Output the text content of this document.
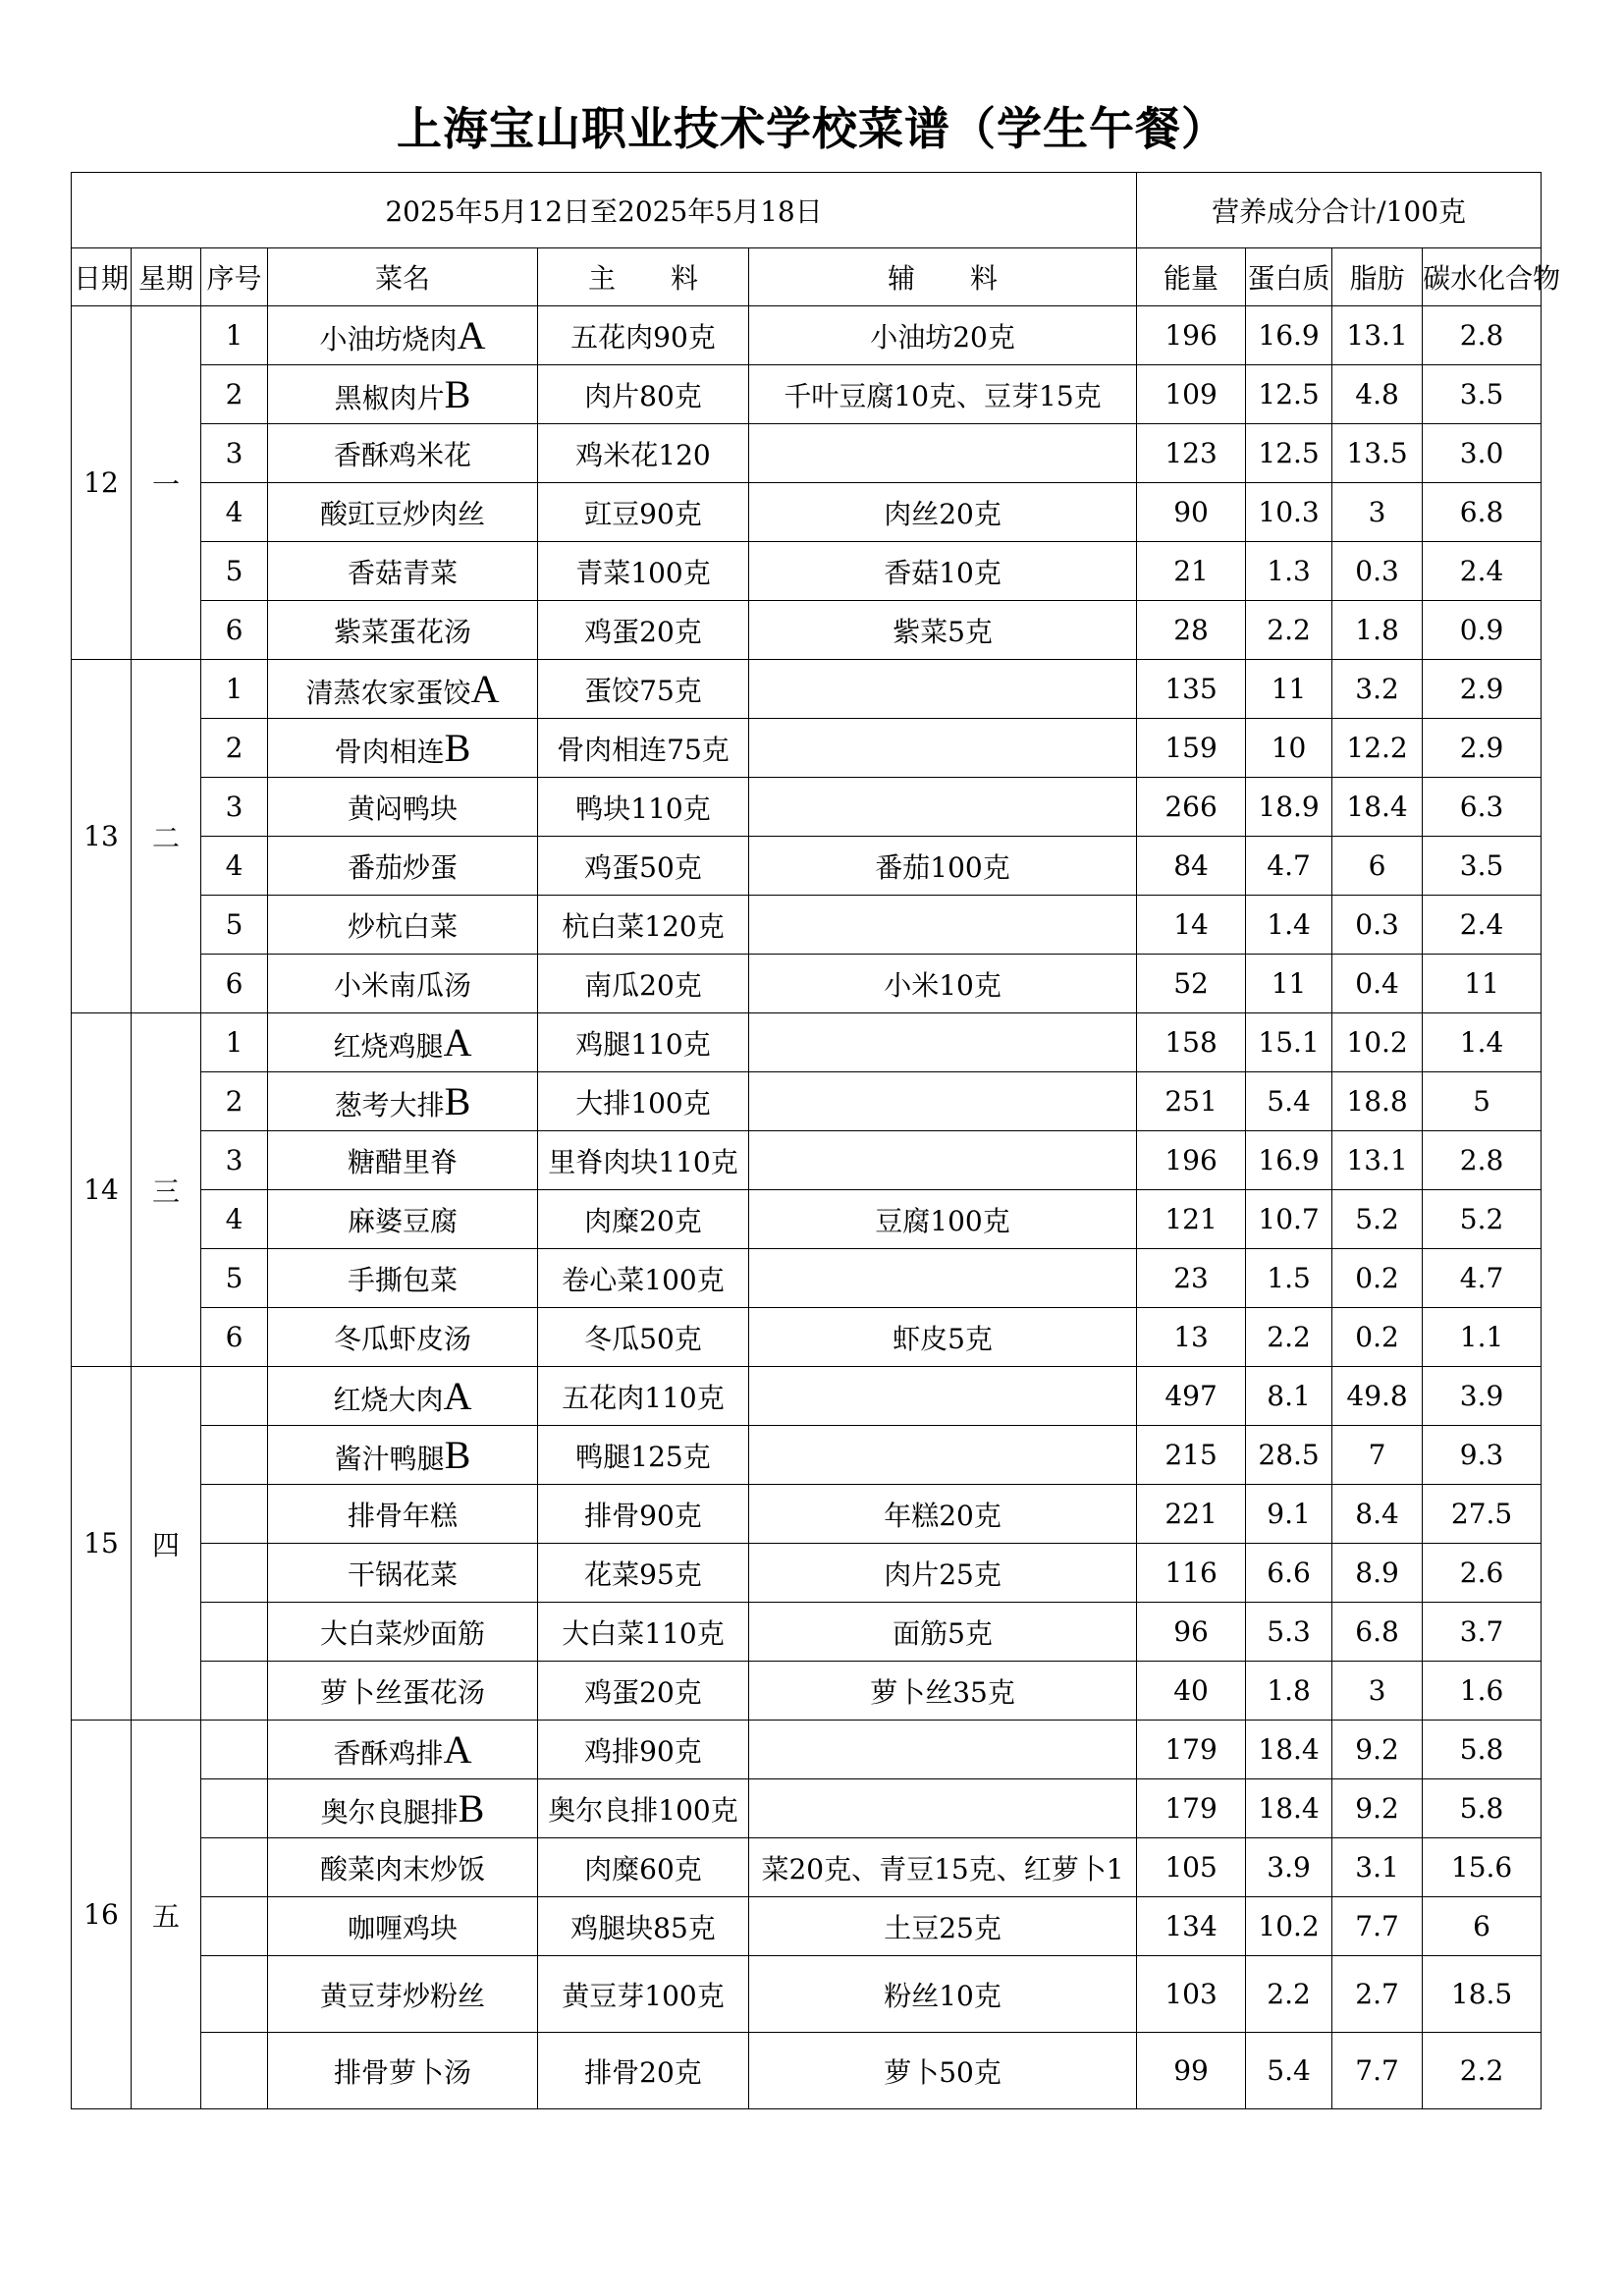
上海宝山职业技术学校菜谱（学生午餐）
2025年5月12日至2025年5月18日						营养成分合计/100克			
日期	星期	序号	菜名	主　　料	辅　　料	能量	蛋白质	脂肪	碳水化合物
12	一	1	小油坊烧肉A	五花肉90克	小油坊20克	196	16.9	13.1	2.8
		2	黑椒肉片B	肉片80克	千叶豆腐10克、豆芽15克	109	12.5	4.8	3.5
		3	香酥鸡米花	鸡米花120		123	12.5	13.5	3.0
		4	酸豇豆炒肉丝	豇豆90克	肉丝20克	90	10.3	3	6.8
		5	香菇青菜	青菜100克	香菇10克	21	1.3	0.3	2.4
		6	紫菜蛋花汤	鸡蛋20克	紫菜5克	28	2.2	1.8	0.9
13	二	1	清蒸农家蛋饺A	蛋饺75克		135	11	3.2	2.9
		2	骨肉相连B	骨肉相连75克		159	10	12.2	2.9
		3	黄闷鸭块	鸭块110克		266	18.9	18.4	6.3
		4	番茄炒蛋	鸡蛋50克	番茄100克	84	4.7	6	3.5
		5	炒杭白菜	杭白菜120克		14	1.4	0.3	2.4
		6	小米南瓜汤	南瓜20克	小米10克	52	11	0.4	11
14	三	1	红烧鸡腿A	鸡腿110克		158	15.1	10.2	1.4
		2	葱考大排B	大排100克		251	5.4	18.8	5
		3	糖醋里脊	里脊肉块110克		196	16.9	13.1	2.8
		4	麻婆豆腐	肉糜20克	豆腐100克	121	10.7	5.2	5.2
		5	手撕包菜	卷心菜100克		23	1.5	0.2	4.7
		6	冬瓜虾皮汤	冬瓜50克	虾皮5克	13	2.2	0.2	1.1
15	四		红烧大肉A	五花肉110克		497	8.1	49.8	3.9
			酱汁鸭腿B	鸭腿125克		215	28.5	7	9.3
			排骨年糕	排骨90克	年糕20克	221	9.1	8.4	27.5
			干锅花菜	花菜95克	肉片25克	116	6.6	8.9	2.6
			大白菜炒面筋	大白菜110克	面筋5克	96	5.3	6.8	3.7
			萝卜丝蛋花汤	鸡蛋20克	萝卜丝35克	40	1.8	3	1.6
16	五		香酥鸡排A	鸡排90克		179	18.4	9.2	5.8
			奥尔良腿排B	奥尔良排100克		179	18.4	9.2	5.8
			酸菜肉末炒饭	肉糜60克	菜20克、青豆15克、红萝卜1	105	3.9	3.1	15.6
			咖喱鸡块	鸡腿块85克	土豆25克	134	10.2	7.7	6
			黄豆芽炒粉丝	黄豆芽100克	粉丝10克	103	2.2	2.7	18.5
			排骨萝卜汤	排骨20克	萝卜50克	99	5.4	7.7	2.2
